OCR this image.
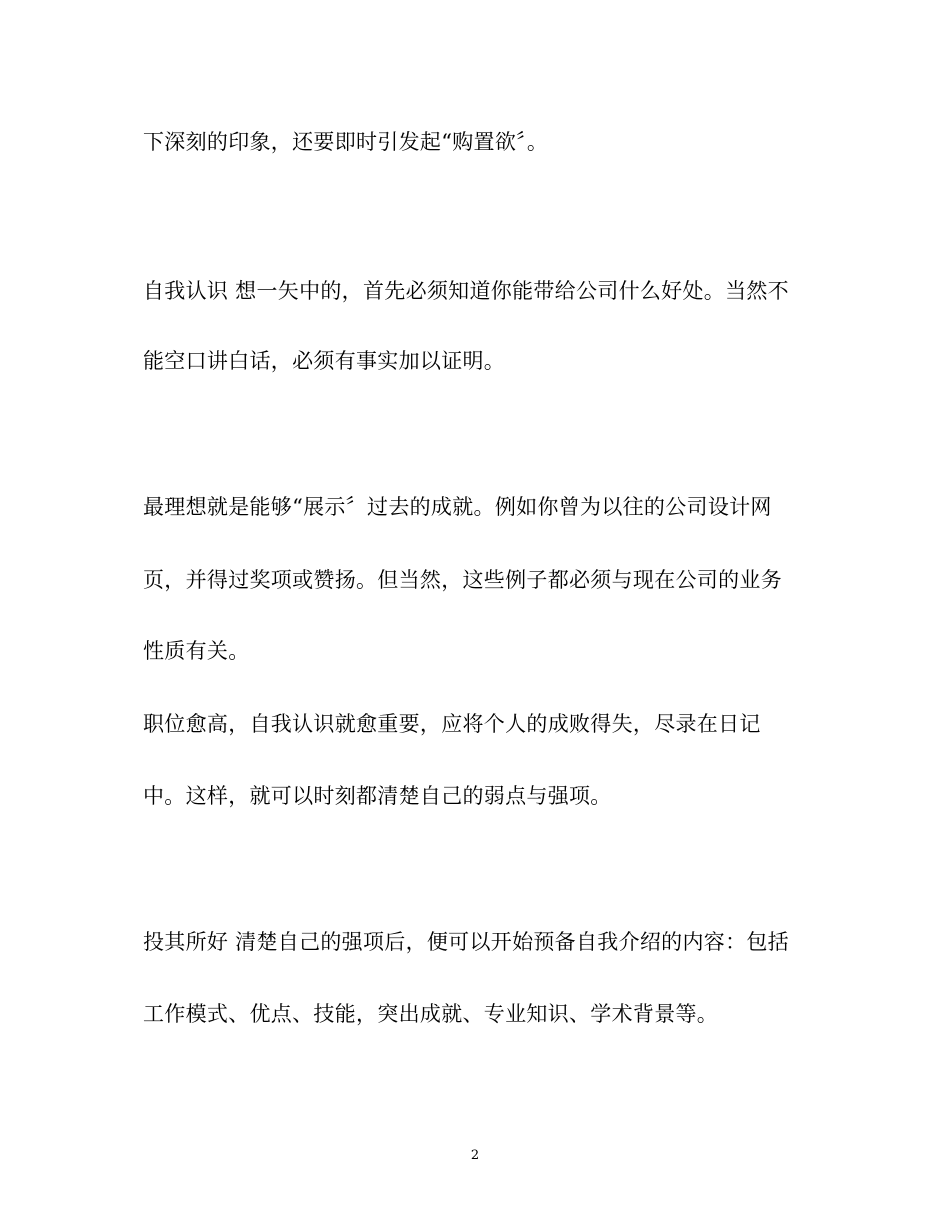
下深刻的印象，还要即时引发起“购置欲〞。
自我认识 想一矢中的，首先必须知道你能带给公司什么好处。当然不
能空口讲白话，必须有事实加以证明。
最理想就是能够“展示〞过去的成就。例如你曾为以往的公司设计网
页，并得过奖项或赞扬。但当然，这些例子都必须与现在公司的业务
性质有关。
职位愈高，自我认识就愈重要，应将个人的成败得失，尽录在日记
中。这样，就可以时刻都清楚自己的弱点与强项。
投其所好 清楚自己的强项后，便可以开始预备自我介绍的内容：包括
工作模式、优点、技能，突出成就、专业知识、学术背景等。
2
